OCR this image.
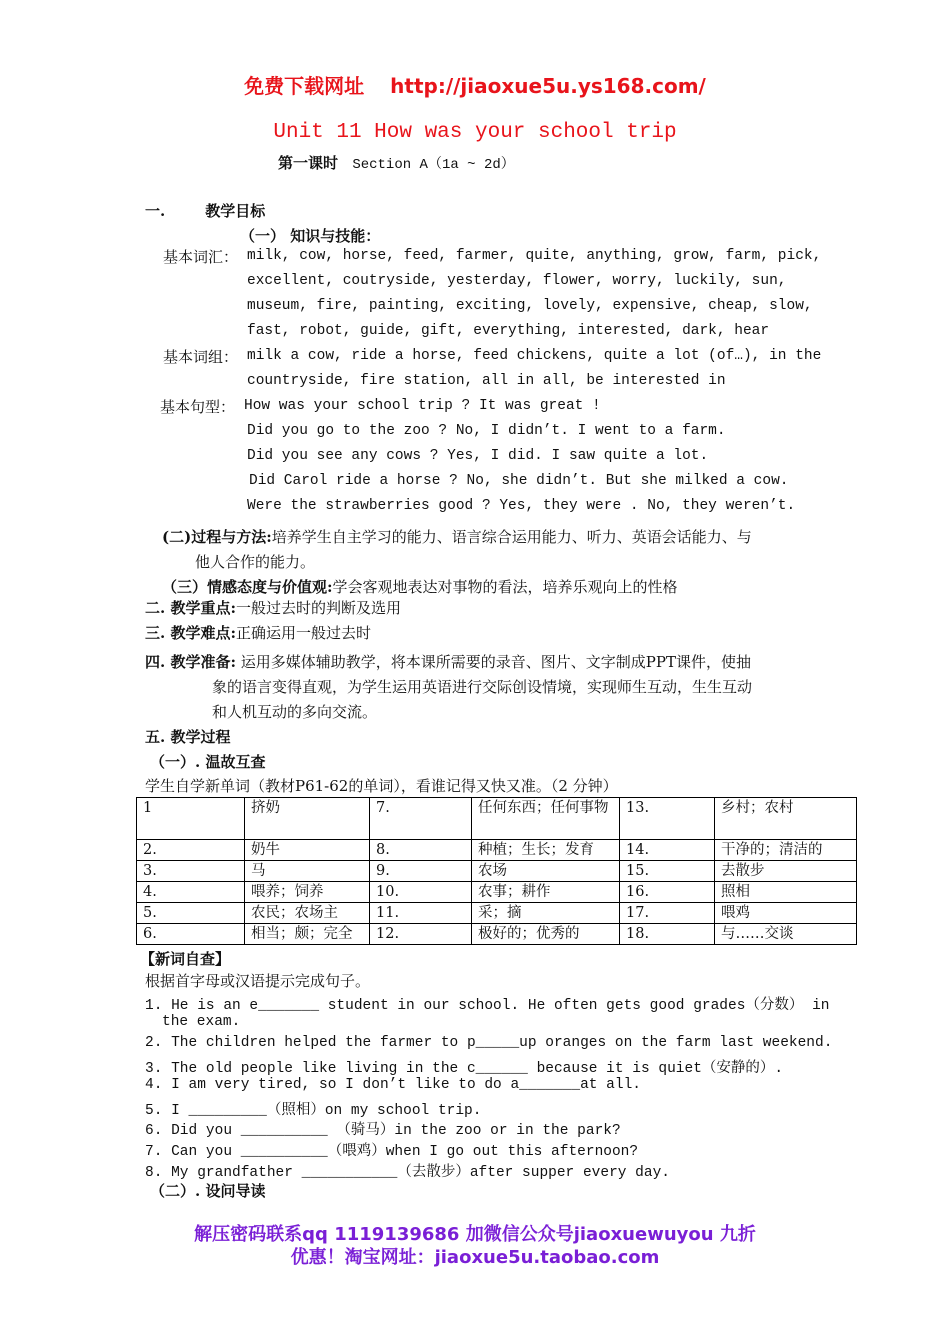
免费下载网址 http://jiaoxue5u.ys168.com/
Unit 11 How was your school trip
第一课时 Section A（1a ~ 2d）
一.	教学目标
（一） 知识与技能：
基本词汇： milk, cow, horse, feed, farmer, quite, anything, grow, farm, pick,
excellent, coutryside, yesterday, flower, worry, luckily, sun,
museum, fire, painting, exciting, lovely, expensive, cheap, slow,
fast, robot, guide, gift, everything, interested, dark, hear
基本词组： milk a cow, ride a horse, feed chickens, quite a lot (of…), in the
countryside, fire station, all in all, be interested in
基本句型： How was your school trip ? It was great !
Did you go to the zoo ? No, I didn’t. I went to a farm.
Did you see any cows ? Yes, I did. I saw quite a lot.
Did Carol ride a horse ? No, she didn’t. But she milked a cow.
Were the strawberries good ? Yes, they were . No, they weren’t.
(二)过程与方法:培养学生自主学习的能力、语言综合运用能力、听力、英语会话能力、与
他人合作的能力。
（三）情感态度与价值观:学会客观地表达对事物的看法，培养乐观向上的性格
二. 教学重点:一般过去时的判断及选用
三. 教学难点:正确运用一般过去时
四. 教学准备: 运用多媒体辅助教学，将本课所需要的录音、图片、文字制成PPT课件，使抽
象的语言变得直观，为学生运用英语进行交际创设情境，实现师生互动，生生互动
和人机互动的多向交流。
五. 教学过程
（一）. 温故互查
学生自学新单词（教材P61-62的单词），看谁记得又快又准。（2 分钟）
1	挤奶	7.	任何东西；任何事物	13.	乡村；农村
2.	奶牛	8.	种植；生长；发育	14.	干净的；清洁的
3.	马	9.	农场	15.	去散步
4.	喂养；饲养	10.	农事；耕作	16.	照相
5.	农民；农场主	11.	采；摘	17.	喂鸡
6.	相当；颇；完全	12.	极好的；优秀的	18.	与……交谈
【新词自查】
根据首字母或汉语提示完成句子。
1. He is an e_______ student in our school. He often gets good grades（分数） in
the exam.
2. The children helped the farmer to p_____up oranges on the farm last weekend.
3. The old people like living in the c______ because it is quiet（安静的）.
4. I am very tired, so I don’t like to do a_______at all.
5. I _________（照相）on my school trip.
6. Did you __________ （骑马）in the zoo or in the park?
7. Can you __________（喂鸡）when I go out this afternoon?
8. My grandfather ___________（去散步）after supper every day.
（二）. 设问导读
解压密码联系qq 1119139686 加微信公众号jiaoxuewuyou 九折
优惠！淘宝网址：jiaoxue5u.taobao.com
